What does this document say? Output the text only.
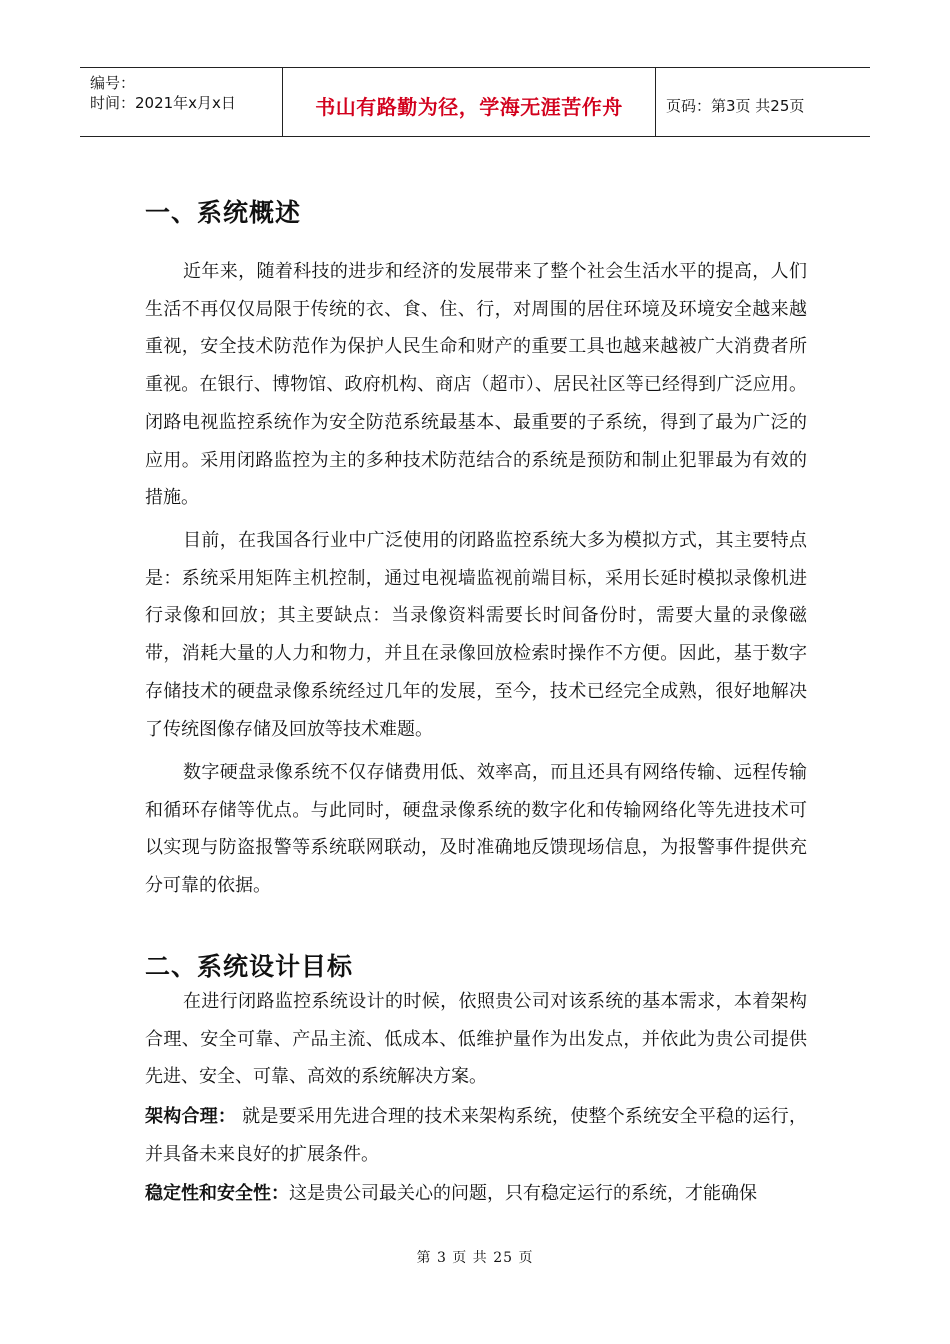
编号：
时间：2021年x月x日	书山有路勤为径，学海无涯苦作舟	页码：第3页 共25页
一、系统概述

近年来，随着科技的进步和经济的发展带来了整个社会生活水平的提高，人们生活不再仅仅局限于传统的衣、食、住、行，对周围的居住环境及环境安全越来越重视，安全技术防范作为保护人民生命和财产的重要工具也越来越被广大消费者所重视。在银行、博物馆、政府机构、商店（超市）、居民社区等已经得到广泛应用。闭路电视监控系统作为安全防范系统最基本、最重要的子系统，得到了最为广泛的应用。采用闭路监控为主的多种技术防范结合的系统是预防和制止犯罪最为有效的措施。

目前，在我国各行业中广泛使用的闭路监控系统大多为模拟方式，其主要特点是：系统采用矩阵主机控制，通过电视墙监视前端目标，采用长延时模拟录像机进行录像和回放；其主要缺点：当录像资料需要长时间备份时，需要大量的录像磁带，消耗大量的人力和物力，并且在录像回放检索时操作不方便。因此，基于数字存储技术的硬盘录像系统经过几年的发展，至今，技术已经完全成熟，很好地解决了传统图像存储及回放等技术难题。

数字硬盘录像系统不仅存储费用低、效率高，而且还具有网络传输、远程传输和循环存储等优点。与此同时，硬盘录像系统的数字化和传输网络化等先进技术可以实现与防盗报警等系统联网联动，及时准确地反馈现场信息，为报警事件提供充分可靠的依据。

二、系统设计目标

在进行闭路监控系统设计的时候，依照贵公司对该系统的基本需求，本着架构合理、安全可靠、产品主流、低成本、低维护量作为出发点，并依此为贵公司提供先进、安全、可靠、高效的系统解决方案。

架构合理： 就是要采用先进合理的技术来架构系统，使整个系统安全平稳的运行，并具备未来良好的扩展条件。

稳定性和安全性：这是贵公司最关心的问题，只有稳定运行的系统，才能确保

第 3 页 共 25 页
